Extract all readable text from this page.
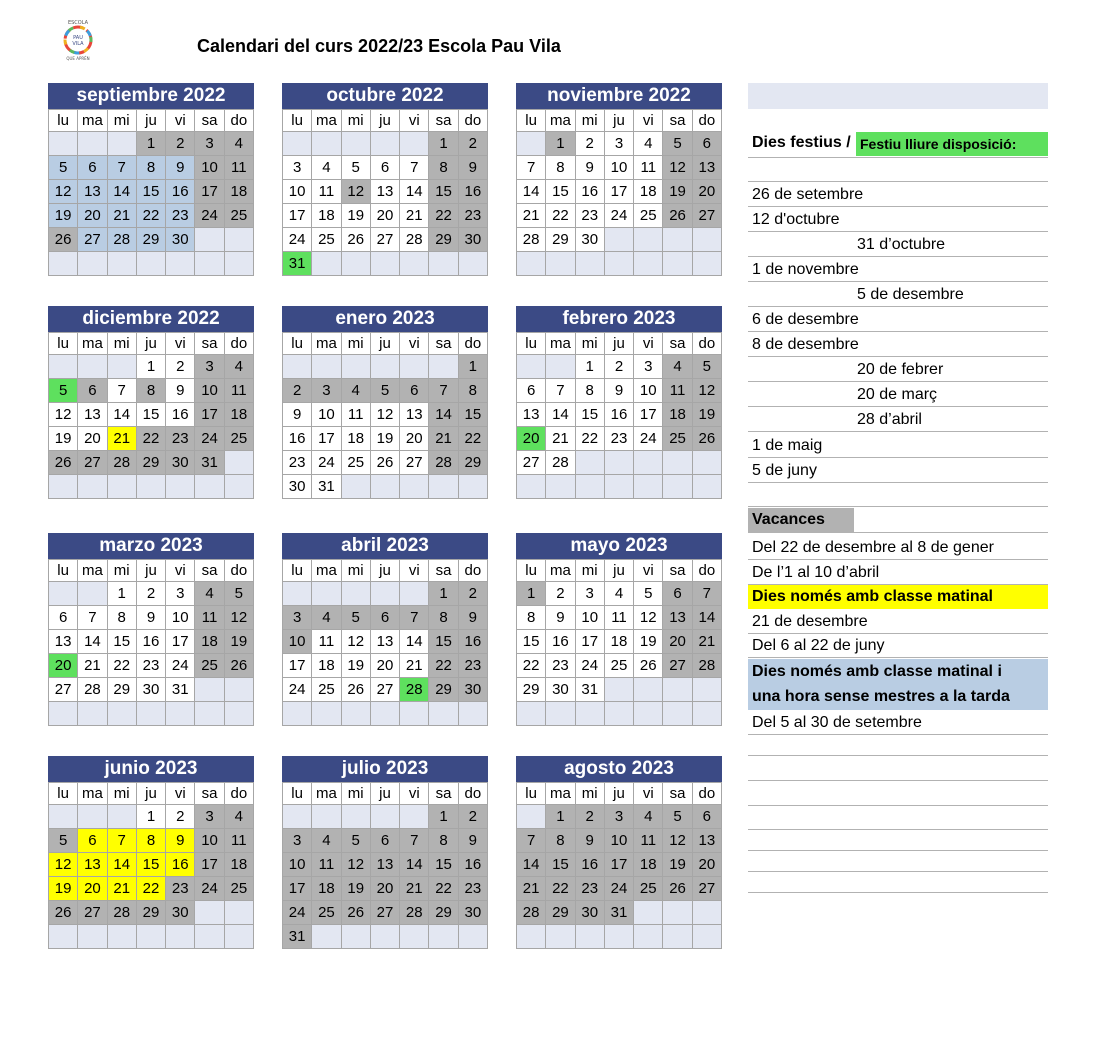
PAU
VILA
ESCOLA
QUE APRÈN
Calendari del curs 2022/23 Escola Pau Vila
septiembre 2022
lu	ma	mi	ju	vi	sa	do
			1	2	3	4
5	6	7	8	9	10	11
12	13	14	15	16	17	18
19	20	21	22	23	24	25
26	27	28	29	30		

octubre 2022
lu	ma	mi	ju	vi	sa	do
					1	2
3	4	5	6	7	8	9
10	11	12	13	14	15	16
17	18	19	20	21	22	23
24	25	26	27	28	29	30
31						
noviembre 2022
lu	ma	mi	ju	vi	sa	do
	1	2	3	4	5	6
7	8	9	10	11	12	13
14	15	16	17	18	19	20
21	22	23	24	25	26	27
28	29	30				

diciembre 2022
lu	ma	mi	ju	vi	sa	do
			1	2	3	4
5	6	7	8	9	10	11
12	13	14	15	16	17	18
19	20	21	22	23	24	25
26	27	28	29	30	31	

enero 2023
lu	ma	mi	ju	vi	sa	do
						1
2	3	4	5	6	7	8
9	10	11	12	13	14	15
16	17	18	19	20	21	22
23	24	25	26	27	28	29
30	31					
febrero 2023
lu	ma	mi	ju	vi	sa	do
		1	2	3	4	5
6	7	8	9	10	11	12
13	14	15	16	17	18	19
20	21	22	23	24	25	26
27	28					

marzo 2023
lu	ma	mi	ju	vi	sa	do
		1	2	3	4	5
6	7	8	9	10	11	12
13	14	15	16	17	18	19
20	21	22	23	24	25	26
27	28	29	30	31		

abril 2023
lu	ma	mi	ju	vi	sa	do
					1	2
3	4	5	6	7	8	9
10	11	12	13	14	15	16
17	18	19	20	21	22	23
24	25	26	27	28	29	30

mayo 2023
lu	ma	mi	ju	vi	sa	do
1	2	3	4	5	6	7
8	9	10	11	12	13	14
15	16	17	18	19	20	21
22	23	24	25	26	27	28
29	30	31				

junio 2023
lu	ma	mi	ju	vi	sa	do
			1	2	3	4
5	6	7	8	9	10	11
12	13	14	15	16	17	18
19	20	21	22	23	24	25
26	27	28	29	30		

julio 2023
lu	ma	mi	ju	vi	sa	do
					1	2
3	4	5	6	7	8	9
10	11	12	13	14	15	16
17	18	19	20	21	22	23
24	25	26	27	28	29	30
31						
agosto 2023
lu	ma	mi	ju	vi	sa	do
	1	2	3	4	5	6
7	8	9	10	11	12	13
14	15	16	17	18	19	20
21	22	23	24	25	26	27
28	29	30	31			

Dies festius / Festiu lliure disposició:
26 de setembre
12 d'octubre
31 d’octubre
1 de novembre
5 de desembre
6 de desembre
8 de desembre
20 de febrer
20 de març
28 d’abril
1 de maig
5 de juny
Vacances
Del 22 de desembre al 8 de gener
De l’1 al 10 d’abril
Dies només amb classe matinal
21 de desembre
Del 6 al 22 de juny
Dies només amb classe matinal i
una hora sense mestres a la tarda
Del 5 al 30 de setembre
